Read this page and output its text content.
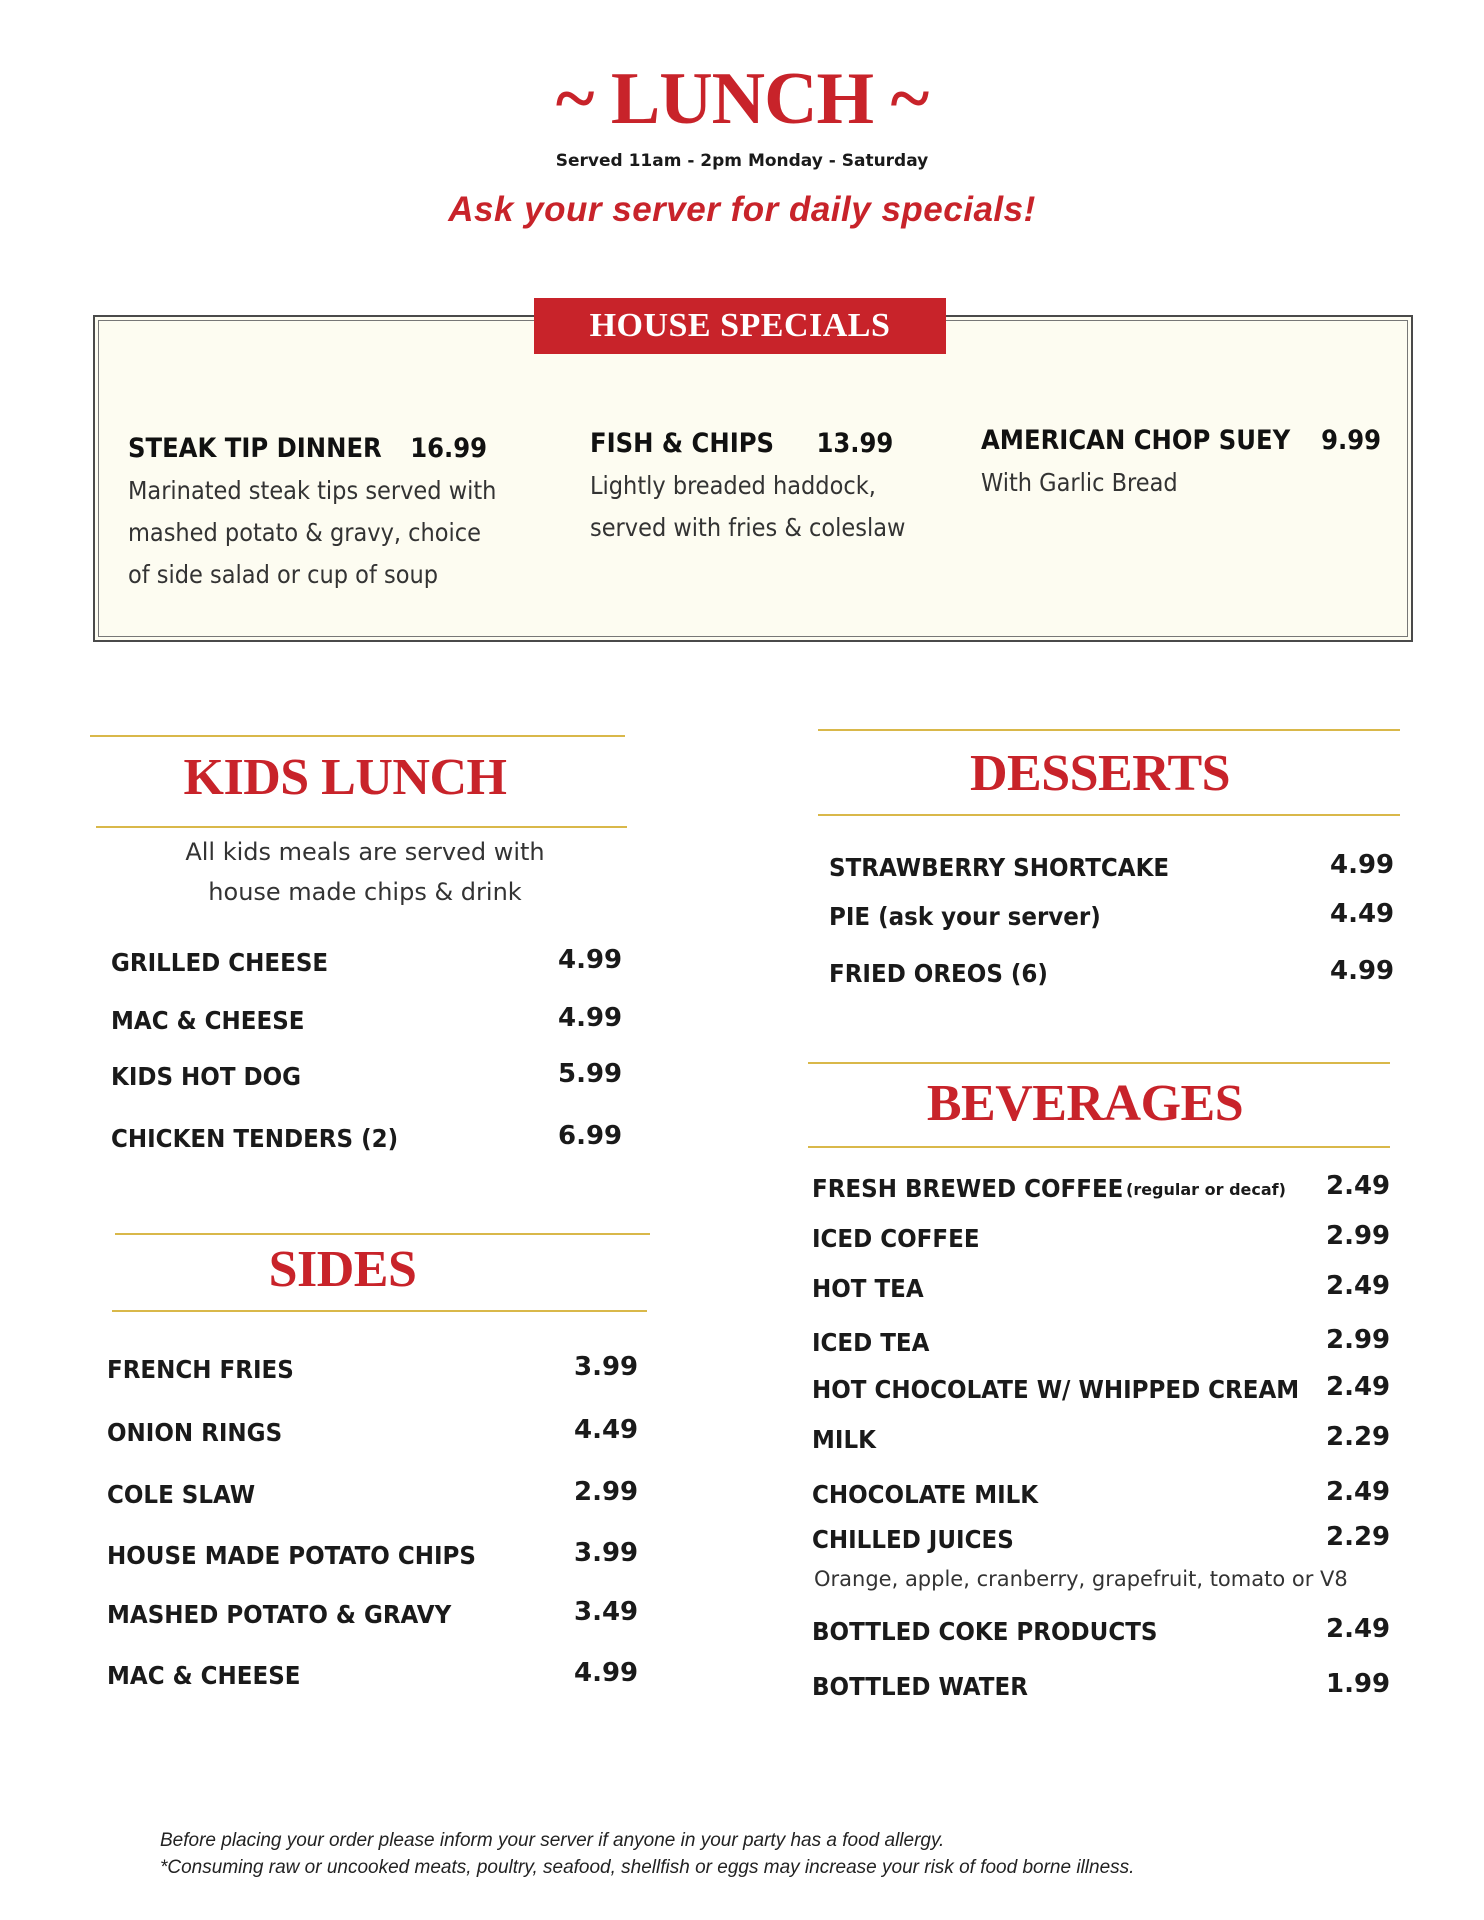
~ LUNCH ~
Served 11am - 2pm Monday - Saturday
Ask your server for daily specials!
HOUSE SPECIALS
STEAK TIP DINNER 16.99
Marinated steak tips served with
mashed potato & gravy, choice
of side salad or cup of soup
FISH & CHIPS 13.99
Lightly breaded haddock,
served with fries & coleslaw
AMERICAN CHOP SUEY 9.99
With Garlic Bread
KIDS LUNCH
All kids meals are served with
house made chips & drink
GRILLED CHEESE	4.99
MAC & CHEESE	4.99
KIDS HOT DOG	5.99
CHICKEN TENDERS (2)	6.99
SIDES
FRENCH FRIES	3.99
ONION RINGS	4.49
COLE SLAW	2.99
HOUSE MADE POTATO CHIPS	3.99
MASHED POTATO & GRAVY	3.49
MAC & CHEESE	4.99
DESSERTS
STRAWBERRY SHORTCAKE	4.99
PIE (ask your server)	4.49
FRIED OREOS (6)	4.99
BEVERAGES
FRESH BREWED COFFEE (regular or decaf) 2.49
ICED COFFEE	2.99
HOT TEA	2.49
ICED TEA	2.99
HOT CHOCOLATE W/ WHIPPED CREAM 2.49
MILK	2.29
CHOCOLATE MILK	2.49
CHILLED JUICES	2.29
Orange, apple, cranberry, grapefruit, tomato or V8
BOTTLED COKE PRODUCTS	2.49
BOTTLED WATER	1.99
Before placing your order please inform your server if anyone in your party has a food allergy.
*Consuming raw or uncooked meats, poultry, seafood, shellfish or eggs may increase your risk of food borne illness.
